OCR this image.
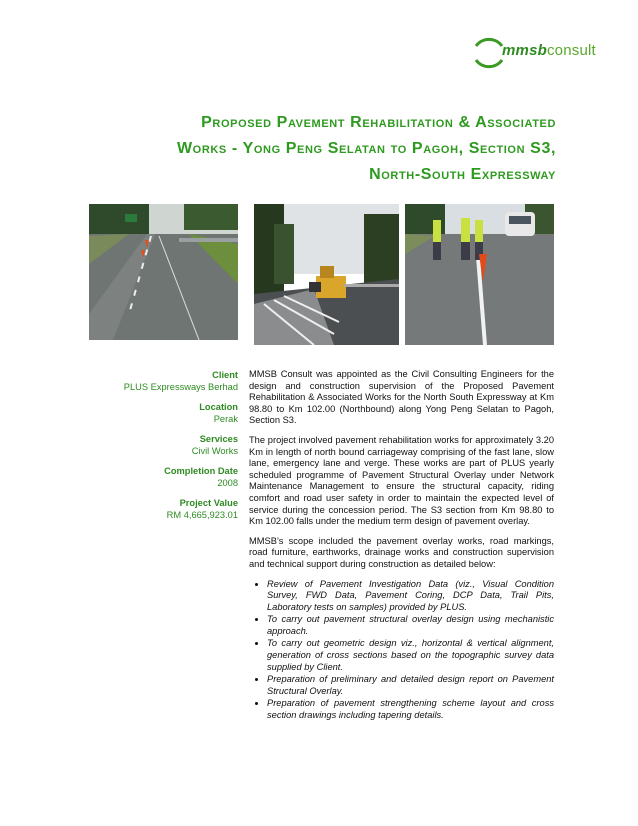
mmsbconsult
Proposed Pavement Rehabilitation & Associated
Works - Yong Peng Selatan to Pagoh, Section S3,
North-South Expressway
Client
PLUS Expressways Berhad
Location
Perak
Services
Civil Works
Completion Date
2008
Project Value
RM 4,665,923.01

MMSB Consult was appointed as the Civil Consulting Engineers for the design and construction supervision of the Proposed Pavement Rehabilitation & Associated Works for the North South Expressway at Km 98.80 to Km 102.00 (Northbound) along Yong Peng Selatan to Pagoh, Section S3.

The project involved pavement rehabilitation works for approximately 3.20 Km in length of north bound carriageway comprising of the fast lane, slow lane, emergency lane and verge. These works are part of PLUS yearly scheduled programme of Pavement Structural Overlay under Network Maintenance Management to ensure the structural capacity, riding comfort and road user safety in order to maintain the expected level of service during the concession period. The S3 section from Km 98.80 to Km 102.00 falls under the medium term design of pavement overlay.

MMSB’s scope included the pavement overlay works, road markings, road furniture, earthworks, drainage works and construction supervision and technical support during construction as detailed below:

• Review of Pavement Investigation Data (viz., Visual Condition Survey, FWD Data, Pavement Coring, DCP Data, Trail Pits, Laboratory tests on samples) provided by PLUS.
• To carry out pavement structural overlay design using mechanistic approach.
• To carry out geometric design viz., horizontal & vertical alignment, generation of cross sections based on the topographic survey data supplied by Client.
• Preparation of preliminary and detailed design report on Pavement Structural Overlay.
• Preparation of pavement strengthening scheme layout and cross section drawings including tapering details.
